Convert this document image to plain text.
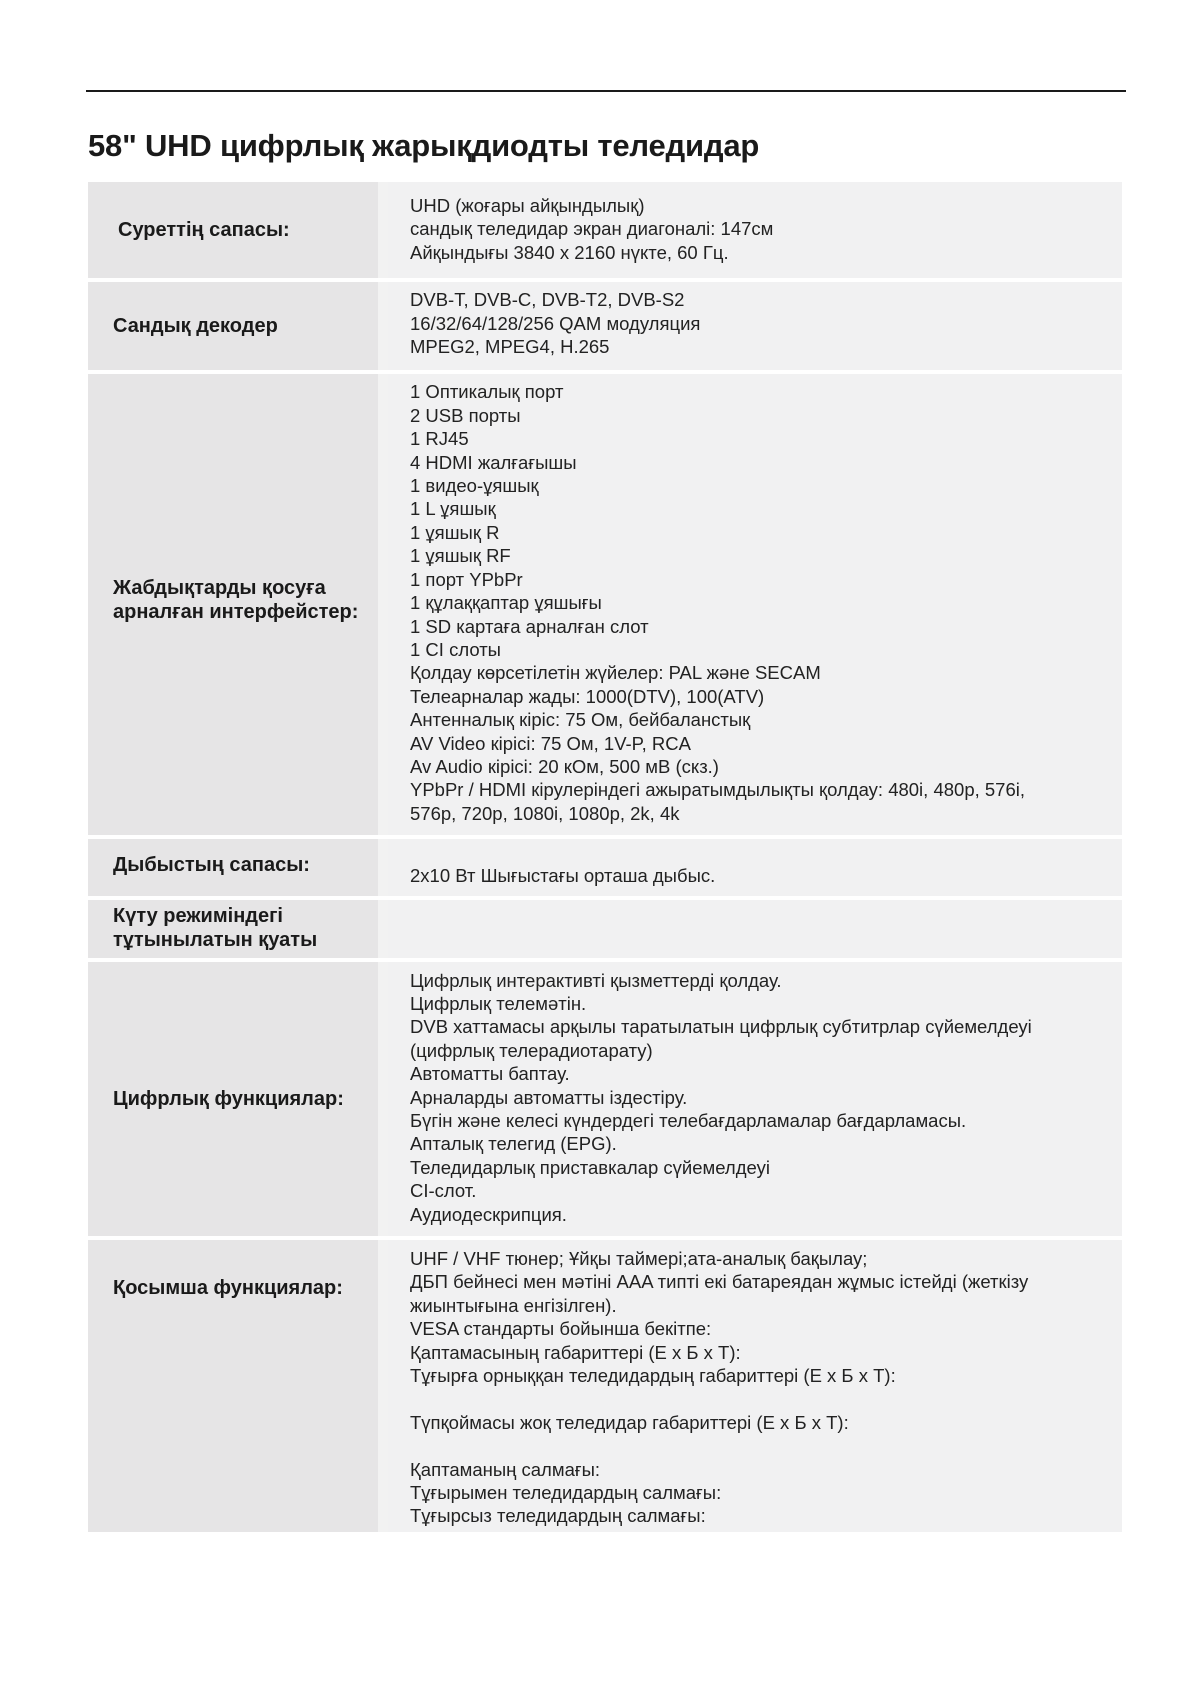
58" UHD цифрлық жарықдиодты теледидар
Суреттің сапасы:
UHD (жоғары айқындылық)
сандық теледидар экран диагоналі: 147см
Айқындығы 3840 x 2160 нүкте, 60 Гц.
Сандық декодер
DVB-T, DVB-C, DVB-T2, DVB-S2
16/32/64/128/256 QAM модуляция
MPEG2, MPEG4, H.265
Жабдықтарды қосуға арналған интерфейстер:
1 Оптикалық порт
2 USB порты
1 RJ45
4 HDMI жалғағышы
1 видео-ұяшық
1 L ұяшық
1 ұяшық R
1 ұяшық RF
1 порт YPbPr
1 құлаққаптар ұяшығы
1 SD картаға арналған слот
1 CI слоты
Қолдау көрсетілетін жүйелер: PAL және SECAM
Телеарналар жады: 1000(DTV), 100(ATV)
Антенналық кіріс: 75 Ом, бейбаланстық
AV Video кірісі: 75 Ом, 1V-P, RCA
Av Audio кірісі: 20 кОм, 500 мВ (скз.)
YPbPr / HDMI кірулеріндегі ажыратымдылықты қолдау: 480i, 480p, 576i,
576p, 720p, 1080i, 1080p, 2k, 4k
Дыбыстың сапасы:	2x10 Вт Шығыстағы орташа дыбыс.
Күту режиміндегі тұтынылатын қуаты
Цифрлық функциялар:
Цифрлық интерактивті қызметтерді қолдау.
Цифрлық телемәтін.
DVB хаттамасы арқылы таратылатын цифрлық субтитрлар сүйемелдеуі
(цифрлық телерадиотарату)
Автоматты баптау.
Арналарды автоматты іздестіру.
Бүгін және келесі күндердегі телебағдарламалар бағдарламасы.
Апталық телегид (EPG).
Теледидарлық приставкалар сүйемелдеуі
CI-слот.
Аудиодескрипция.
Қосымша функциялар:
UHF / VHF тюнер; Ұйқы таймері;ата-аналық бақылау;
ДБП бейнесі мен мәтіні AAA типті екі батареядан жұмыс істейді (жеткізу
жиынтығына енгізілген).
VESA стандарты бойынша бекітпе:
Қаптамасының габариттері (Е х Б х Т):
Тұғырға орныққан теледидардың габариттері (Е х Б х Т):
Түпқоймасы жоқ теледидар габариттері (Е х Б х Т):
Қаптаманың салмағы:
Тұғырымен теледидардың салмағы:
Тұғырсыз теледидардың салмағы:
